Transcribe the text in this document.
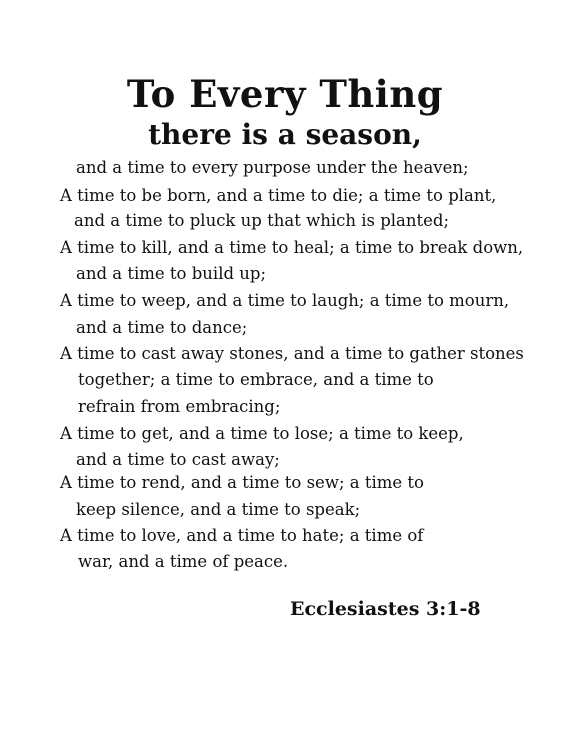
To Every Thing
there is a season,
and a time to every purpose under the heaven;
A time to be born, and a time to die; a time to plant,
and a time to pluck up that which is planted;
A time to kill, and a time to heal; a time to break down,
and a time to build up;
A time to weep, and a time to laugh; a time to mourn,
and a time to dance;
A time to cast away stones, and a time to gather stones
together; a time to embrace, and a time to
refrain from embracing;
A time to get, and a time to lose; a time to keep,
and a time to cast away;
A time to rend, and a time to sew; a time to
keep silence, and a time to speak;
A time to love, and a time to hate; a time of
war, and a time of peace.
Ecclesiastes 3:1-8
